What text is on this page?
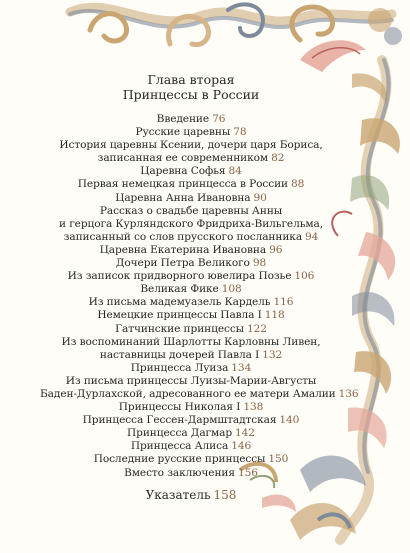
Глава вторая

Принцессы в России

Введение 76
Русские царевны 78
История царевны Ксении, дочери царя Бориса,
записанная ее современником 82
Царевна Софья 84
Первая немецкая принцесса в России 88
Царевна Анна Ивановна 90
Рассказ о свадьбе царевны Анны
и герцога Курляндского Фридриха-Вильгельма,
записанный со слов прусского посланника 94
Царевна Екатерина Ивановна 96
Дочери Петра Великого 98
Из записок придворного ювелира Позье 106
Великая Фике 108
Из письма мадемуазель Кардель 116
Немецкие принцессы Павла I 118
Гатчинские принцессы 122
Из воспоминаний Шарлотты Карловны Ливен,
наставницы дочерей Павла I 132
Принцесса Луиза 134
Из письма принцессы Луизы-Марии-Августы
Баден-Дурлахской, адресованного ее матери Амалии 136
Принцессы Николая I 138
Принцесса Гессен-Дармштадтская 140
Принцесса Дагмар 142
Принцесса Алиса 146
Последние русские принцессы 150
Вместо заключения 156
Указатель 158
